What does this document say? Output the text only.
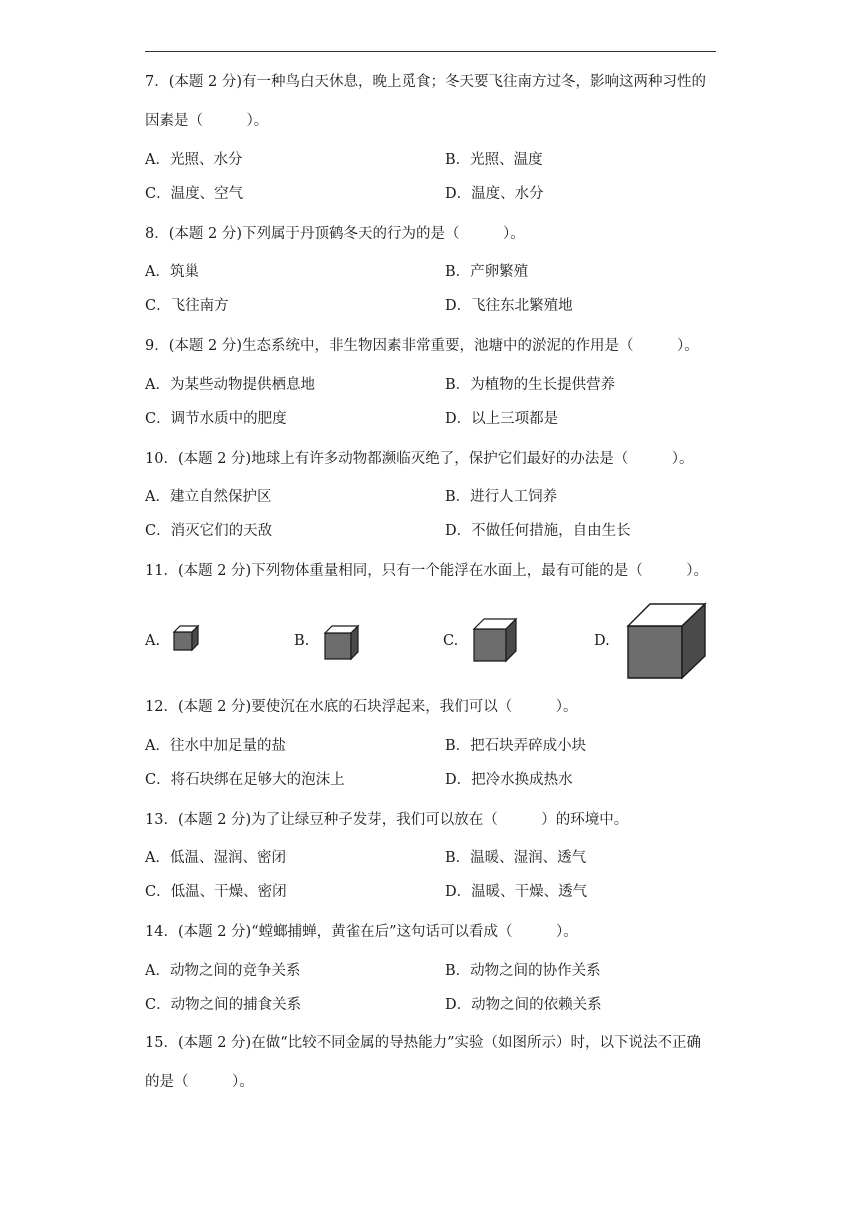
7．(本题 2 分)有一种鸟白天休息，晚上觅食；冬天要飞往南方过冬，影响这两种习性的
因素是（　　　）。
A．光照、水分	B．光照、温度
C．温度、空气	D．温度、水分
8．(本题 2 分)下列属于丹顶鹤冬天的行为的是（　　　）。
A．筑巢	B．产卵繁殖
C．飞往南方	D．飞往东北繁殖地
9．(本题 2 分)生态系统中，非生物因素非常重要，池塘中的淤泥的作用是（　　　）。
A．为某些动物提供栖息地	B．为植物的生长提供营养
C．调节水质中的肥度	D．以上三项都是
10．(本题 2 分)地球上有许多动物都濒临灭绝了，保护它们最好的办法是（　　　）。
A．建立自然保护区	B．进行人工饲养
C．消灭它们的天敌	D．不做任何措施，自由生长
11．(本题 2 分)下列物体重量相同，只有一个能浮在水面上，最有可能的是（　　　）。
A.	B.	C.	D.
12．(本题 2 分)要使沉在水底的石块浮起来，我们可以（　　　）。
A．往水中加足量的盐	B．把石块弄碎成小块
C．将石块绑在足够大的泡沫上	D．把冷水换成热水
13．(本题 2 分)为了让绿豆种子发芽，我们可以放在（　　　）的环境中。
A．低温、湿润、密闭	B．温暖、湿润、透气
C．低温、干燥、密闭	D．温暖、干燥、透气
14．(本题 2 分)“螳螂捕蝉，黄雀在后”这句话可以看成（　　　）。
A．动物之间的竞争关系	B．动物之间的协作关系
C．动物之间的捕食关系	D．动物之间的依赖关系
15．(本题 2 分)在做“比较不同金属的导热能力”实验（如图所示）时，以下说法不正确
的是（　　　）。
